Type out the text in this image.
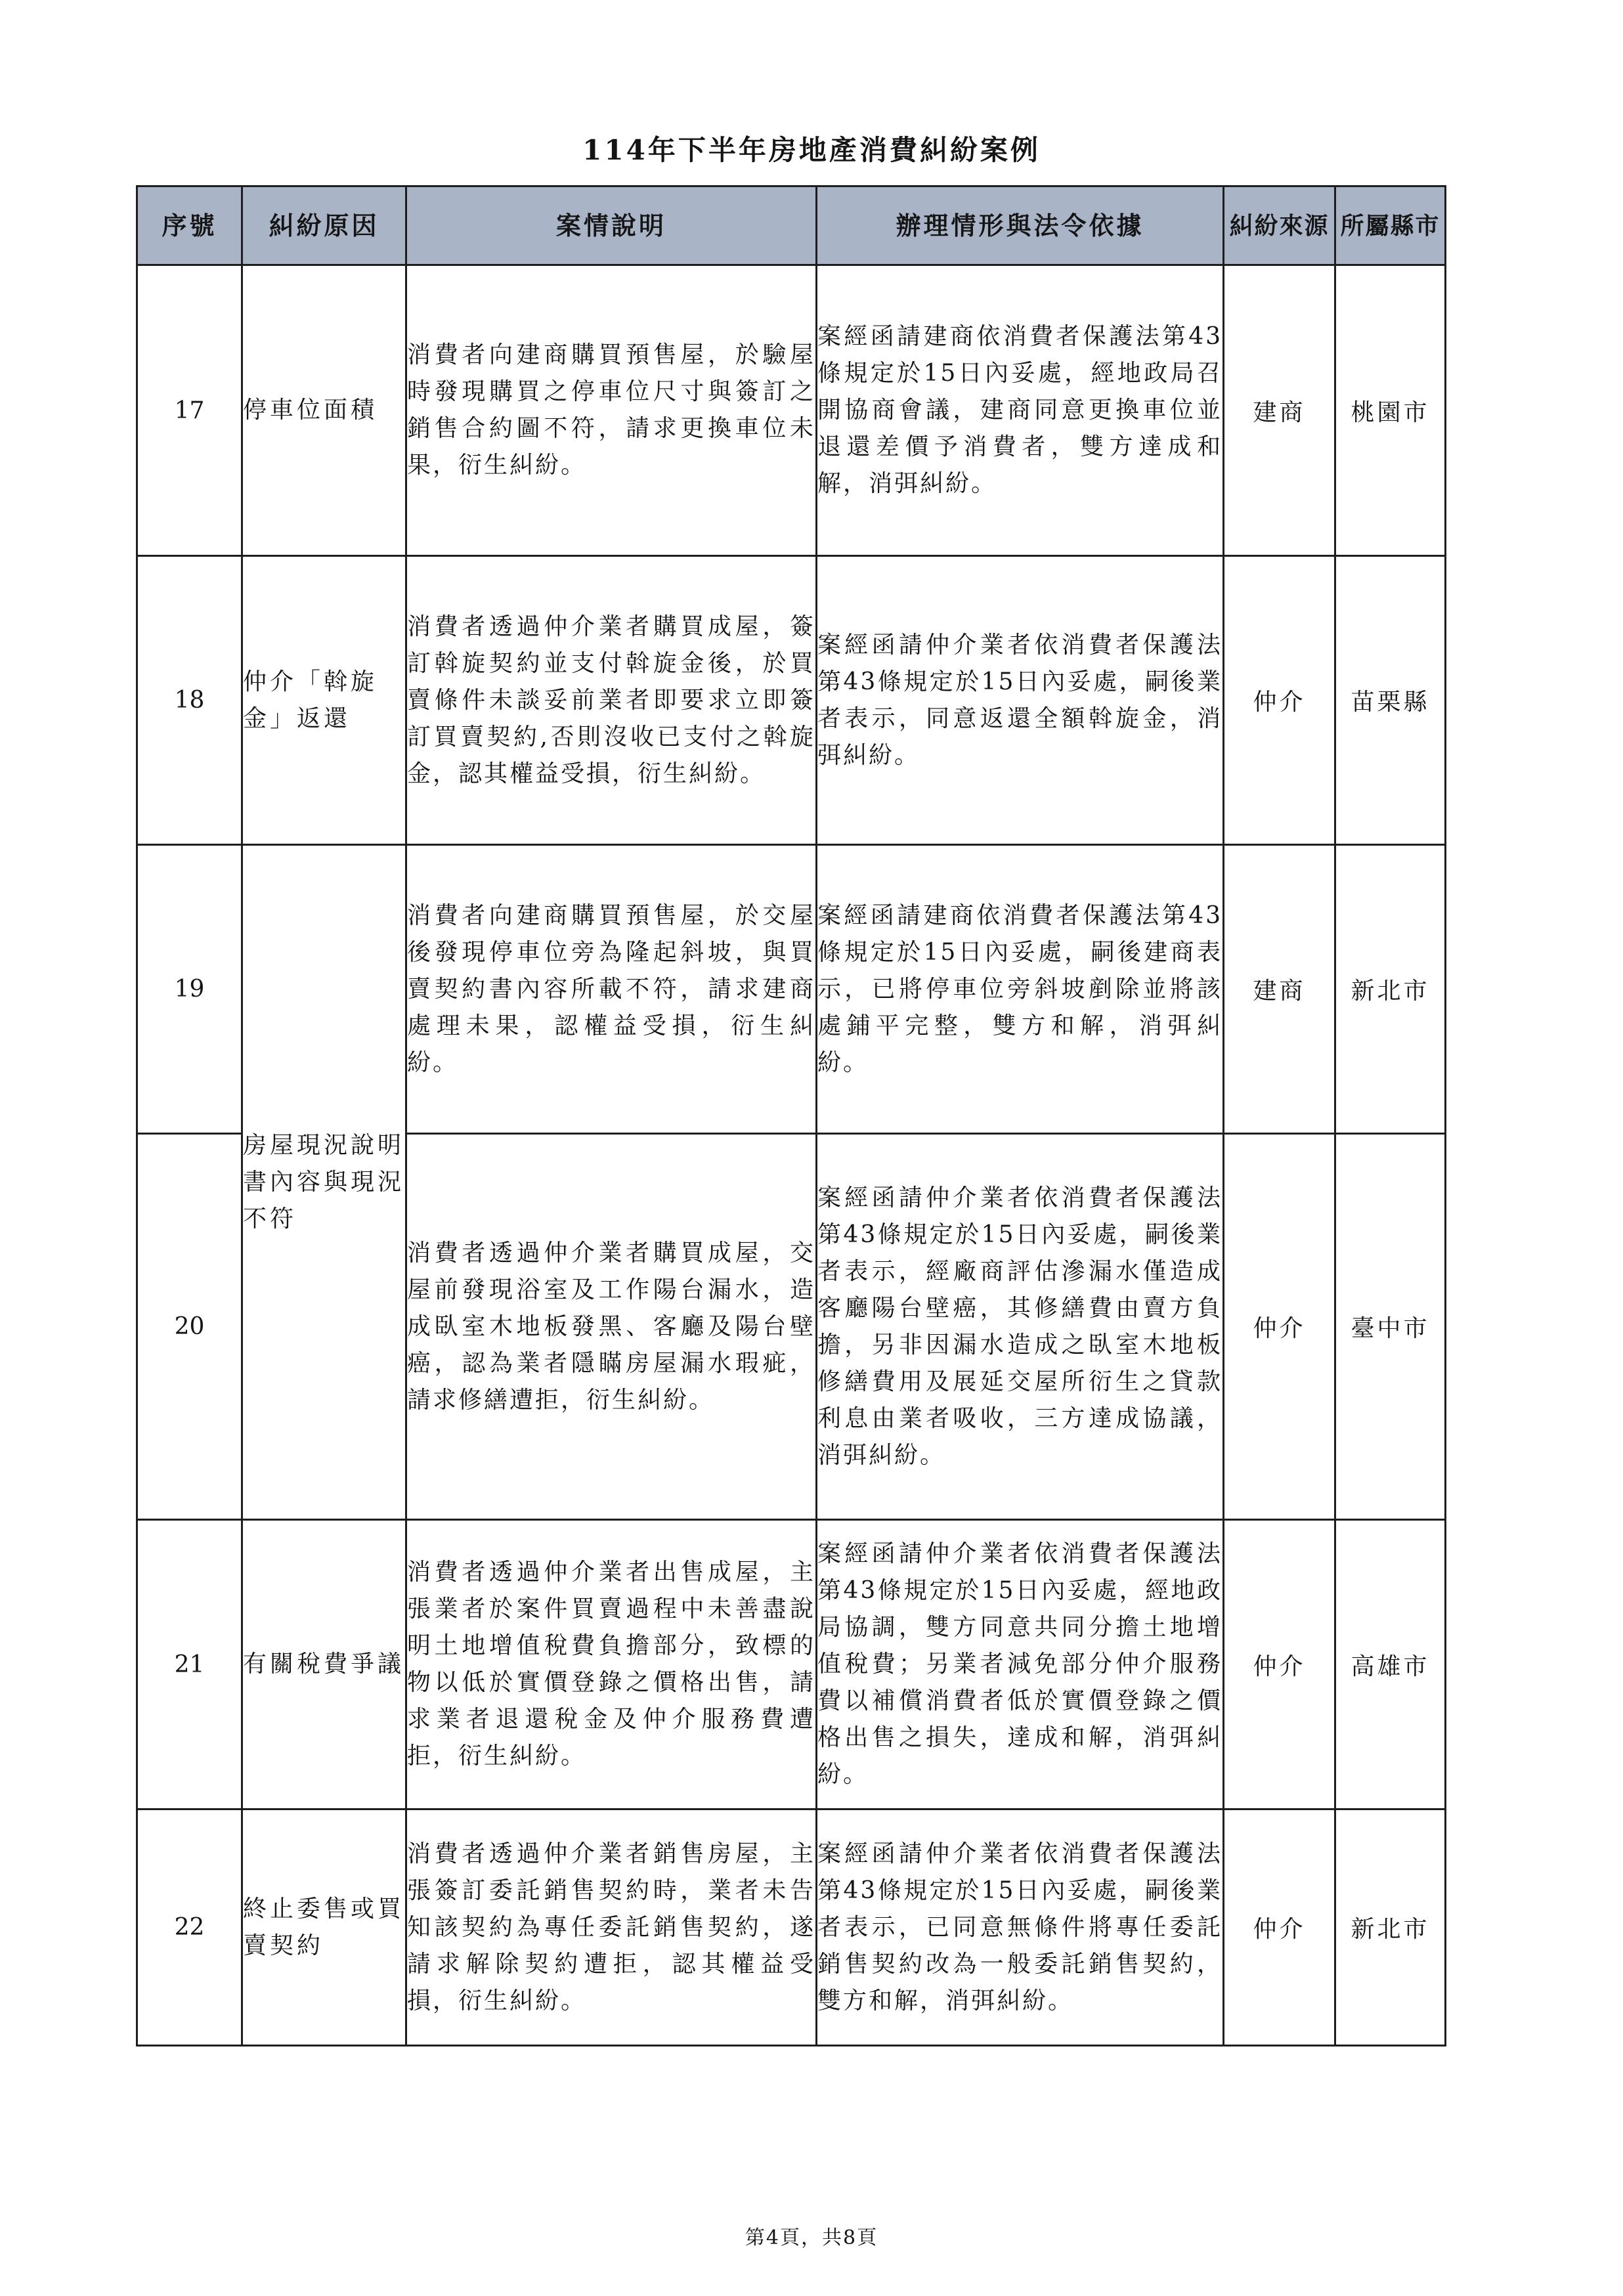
114年下半年房地產消費糾紛案例
序號	糾紛原因	案情說明	辦理情形與法令依據	糾紛來源	所屬縣市
17	停車位面積	消費者向建商購買預售屋，於驗屋時發現購買之停車位尺寸與簽訂之銷售合約圖不符，請求更換車位未果，衍生糾紛。	案經函請建商依消費者保護法第43條規定於15日內妥處，經地政局召開協商會議，建商同意更換車位並退還差價予消費者，雙方達成和解，消弭糾紛。	建商	桃園市
18	仲介「斡旋金」返還	消費者透過仲介業者購買成屋，簽訂斡旋契約並支付斡旋金後，於買賣條件未談妥前業者即要求立即簽訂買賣契約,否則沒收已支付之斡旋金，認其權益受損，衍生糾紛。	案經函請仲介業者依消費者保護法第43條規定於15日內妥處，嗣後業者表示，同意返還全額斡旋金，消弭糾紛。	仲介	苗栗縣
19	房屋現況說明書內容與現況不符	消費者向建商購買預售屋，於交屋後發現停車位旁為隆起斜坡，與買賣契約書內容所載不符，請求建商處理未果，認權益受損，衍生糾紛。	案經函請建商依消費者保護法第43條規定於15日內妥處，嗣後建商表示，已將停車位旁斜坡剷除並將該處鋪平完整，雙方和解，消弭糾紛。	建商	新北市
20		消費者透過仲介業者購買成屋，交屋前發現浴室及工作陽台漏水，造成臥室木地板發黑、客廳及陽台壁癌，認為業者隱瞞房屋漏水瑕疵，請求修繕遭拒，衍生糾紛。	案經函請仲介業者依消費者保護法第43條規定於15日內妥處，嗣後業者表示，經廠商評估滲漏水僅造成客廳陽台壁癌，其修繕費由賣方負擔，另非因漏水造成之臥室木地板修繕費用及展延交屋所衍生之貸款利息由業者吸收，三方達成協議，消弭糾紛。	仲介	臺中市
21	有關稅費爭議	消費者透過仲介業者出售成屋，主張業者於案件買賣過程中未善盡說明土地增值稅費負擔部分，致標的物以低於實價登錄之價格出售，請求業者退還稅金及仲介服務費遭拒，衍生糾紛。	案經函請仲介業者依消費者保護法第43條規定於15日內妥處，經地政局協調，雙方同意共同分擔土地增值稅費；另業者減免部分仲介服務費以補償消費者低於實價登錄之價格出售之損失，達成和解，消弭糾紛。	仲介	高雄市
22	終止委售或買賣契約	消費者透過仲介業者銷售房屋，主張簽訂委託銷售契約時，業者未告知該契約為專任委託銷售契約，遂請求解除契約遭拒，認其權益受損，衍生糾紛。	案經函請仲介業者依消費者保護法第43條規定於15日內妥處，嗣後業者表示，已同意無條件將專任委託銷售契約改為一般委託銷售契約，雙方和解，消弭糾紛。	仲介	新北市
第4頁，共8頁
